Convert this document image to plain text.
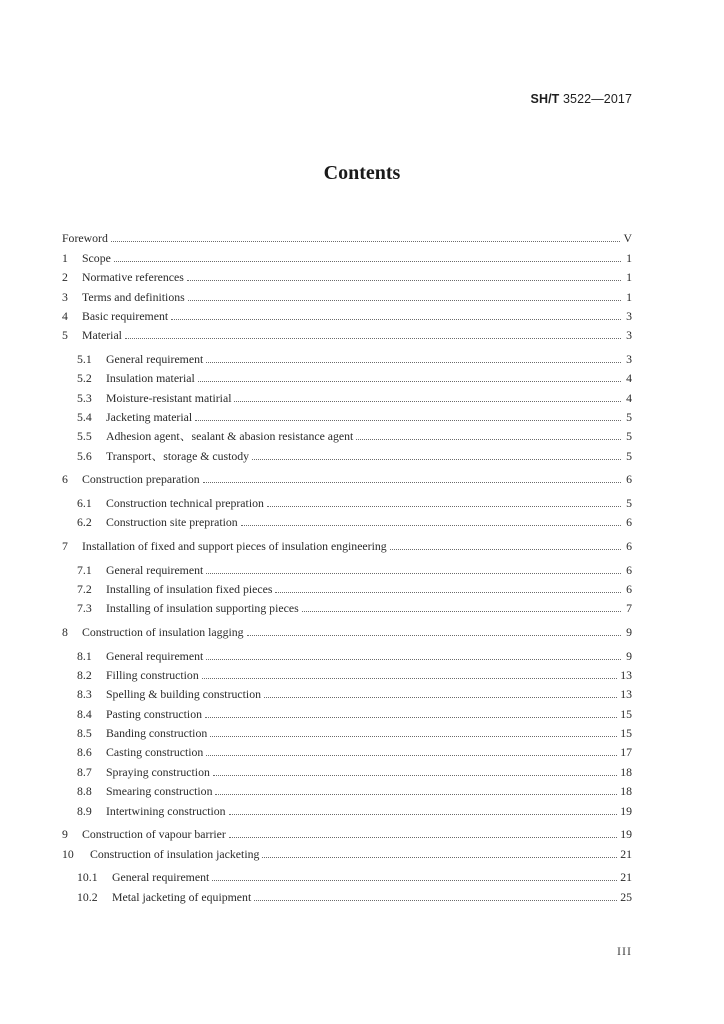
SH/T 3522—2017
Contents
Foreword	V
1	Scope	1
2	Normative references	1
3	Terms and definitions	1
4	Basic requirement	3
5	Material	3
5.1	General requirement	3
5.2	Insulation material	4
5.3	Moisture-resistant matirial	4
5.4	Jacketing material	5
5.5	Adhesion agent、sealant & abasion resistance agent	5
5.6	Transport、storage & custody	5
6	Construction preparation	6
6.1	Construction technical prepration	5
6.2	Construction site prepration	6
7	Installation of fixed and support pieces of insulation engineering	6
7.1	General requirement	6
7.2	Installing of insulation fixed pieces	6
7.3	Installing of insulation supporting pieces	7
8	Construction of insulation lagging	9
8.1	General requirement	9
8.2	Filling construction	13
8.3	Spelling & building construction	13
8.4	Pasting construction	15
8.5	Banding construction	15
8.6	Casting construction	17
8.7	Spraying construction	18
8.8	Smearing construction	18
8.9	Intertwining construction	19
9	Construction of vapour barrier	19
10	Construction of insulation jacketing	21
10.1	General requirement	21
10.2	Metal jacketing of equipment	25
III
